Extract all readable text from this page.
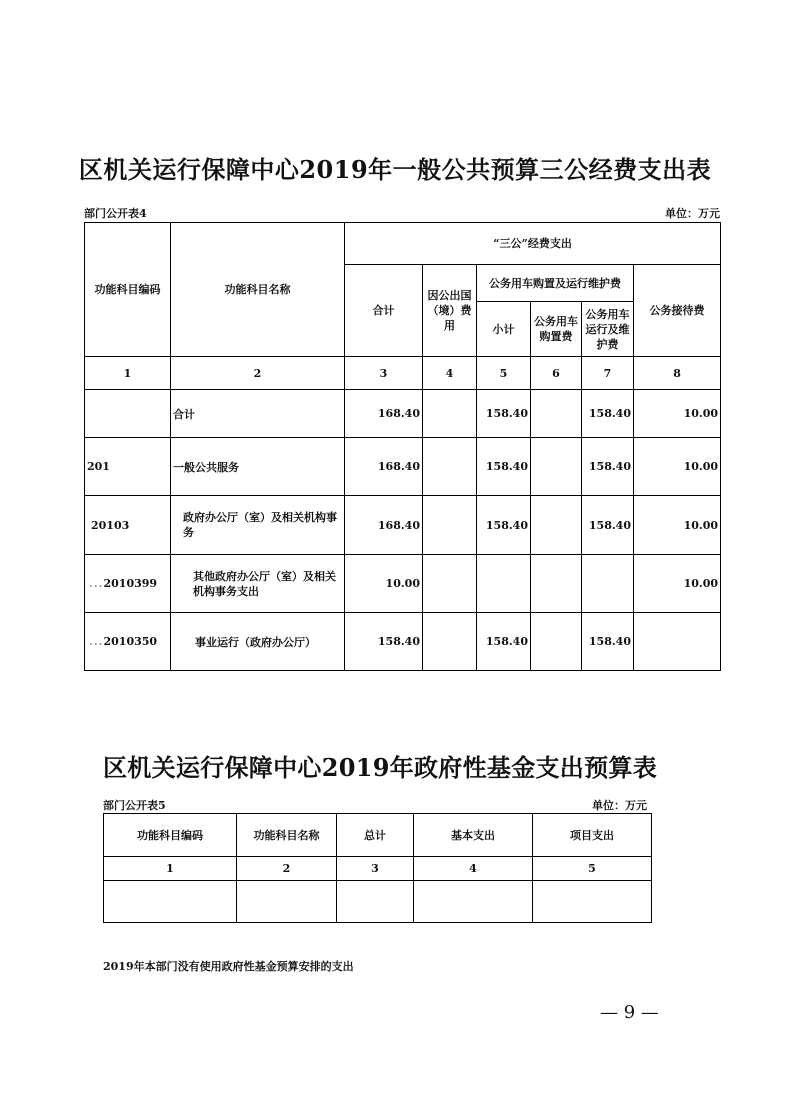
区机关运行保障中心2019年一般公共预算三公经费支出表
部门公开表4	单位：万元
功能科目编码	功能科目名称	“三公”经费支出					
		合计	因公出国（境）费用	公务用车购置及运行维护费			公务接待费
				小计	公务用车购置费	公务用车运行及维护费	
1	2	3	4	5	6	7	8
	合计	168.40		158.40		158.40	10.00
201	一般公共服务	168.40		158.40		158.40	10.00
20103	政府办公厅（室）及相关机构事务	168.40		158.40		158.40	10.00
...2010399	其他政府办公厅（室）及相关机构事务支出	10.00					10.00
...2010350	事业运行（政府办公厅）	158.40		158.40		158.40	
区机关运行保障中心2019年政府性基金支出预算表
部门公开表5	单位：万元
功能科目编码	功能科目名称	总计	基本支出	项目支出
1	2	3	4	5

2019年本部门没有使用政府性基金预算安排的支出
— 9 —
